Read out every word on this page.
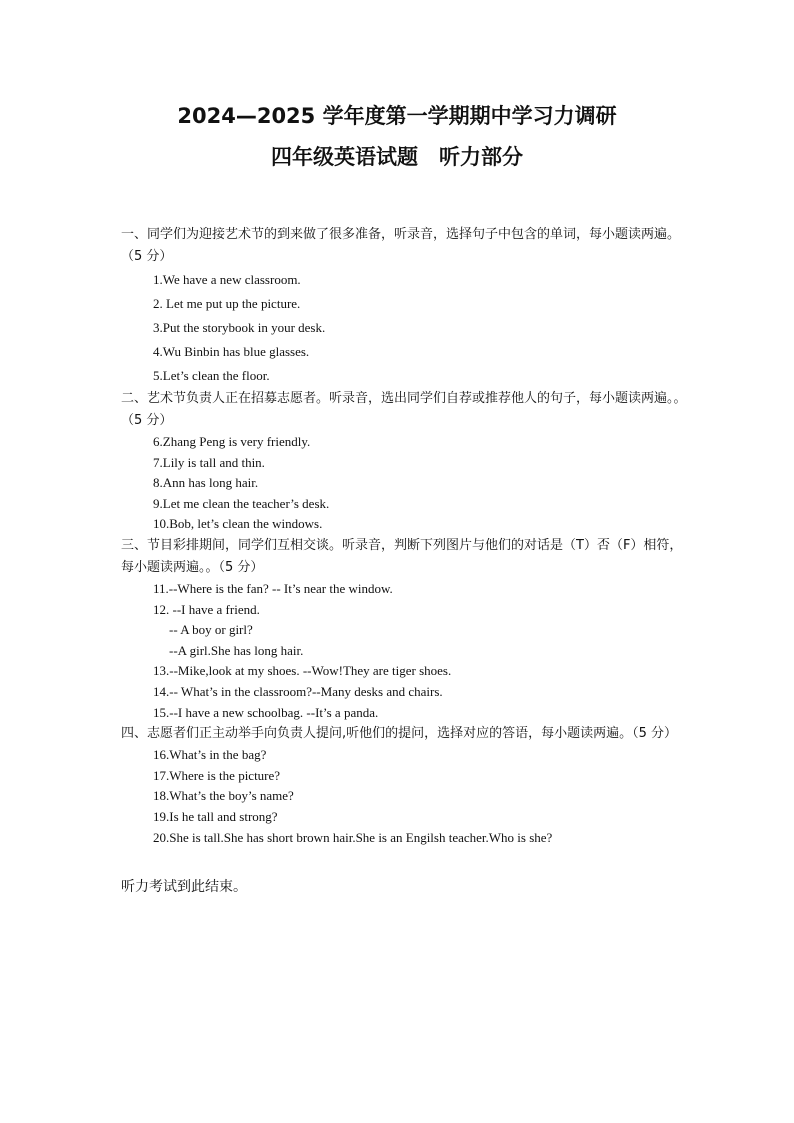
2024—2025 学年度第一学期期中学习力调研
四年级英语试题　听力部分

一、同学们为迎接艺术节的到来做了很多准备，听录音，选择句子中包含的单词，每小题读两遍。（5 分）

1.We have a new classroom.
2. Let me put up the picture.
3.Put the storybook in your desk.
4.Wu Binbin has blue glasses.
5.Let’s clean the floor.

二、艺术节负责人正在招募志愿者。听录音，选出同学们自荐或推荐他人的句子，每小题读两遍。。（5 分）

6.Zhang Peng is very friendly.
7.Lily is tall and thin.
8.Ann has long hair.
9.Let me clean the teacher’s desk.
10.Bob, let’s clean the windows.

三、节目彩排期间，同学们互相交谈。听录音，判断下列图片与他们的对话是（T）否（F）相符，每小题读两遍。。（5 分）

11.--Where is the fan? -- It’s near the window.
12. --I have a friend.
-- A boy or girl?
--A girl.She has long hair.
13.--Mike,look at my shoes. --Wow!They are tiger shoes.
14.-- What’s in the classroom?--Many desks and chairs.
15.--I have a new schoolbag. --It’s a panda.

四、志愿者们正主动举手向负责人提问,听他们的提问，选择对应的答语，每小题读两遍。（5 分）

16.What’s in the bag?
17.Where is the picture?
18.What’s the boy’s name?
19.Is he tall and strong?
20.She is tall.She has short brown hair.She is an Engilsh teacher.Who is she?
听力考试到此结束。
